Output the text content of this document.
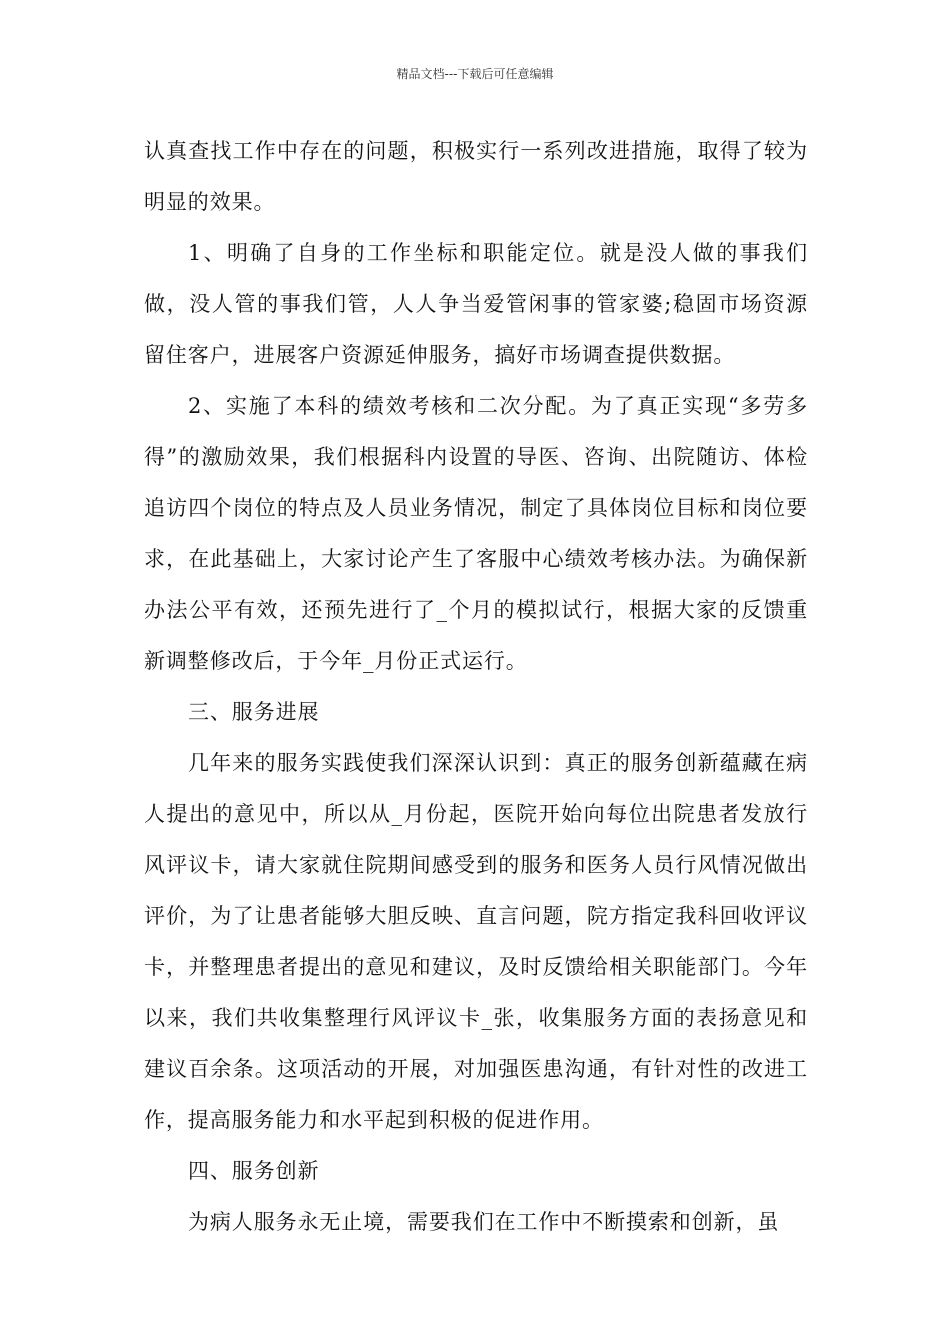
精品文档---下载后可任意编辑

认真查找工作中存在的问题，积极实行一系列改进措施，取得了较为明显的效果。

1、明确了自身的工作坐标和职能定位。就是没人做的事我们做，没人管的事我们管，人人争当爱管闲事的管家婆;稳固市场资源留住客户，进展客户资源延伸服务，搞好市场调查提供数据。

2、实施了本科的绩效考核和二次分配。为了真正实现“多劳多得”的激励效果，我们根据科内设置的导医、咨询、出院随访、体检追访四个岗位的特点及人员业务情况，制定了具体岗位目标和岗位要求，在此基础上，大家讨论产生了客服中心绩效考核办法。为确保新办法公平有效，还预先进行了_个月的模拟试行，根据大家的反馈重新调整修改后，于今年_月份正式运行。

三、服务进展

几年来的服务实践使我们深深认识到：真正的服务创新蕴藏在病人提出的意见中，所以从_月份起，医院开始向每位出院患者发放行风评议卡，请大家就住院期间感受到的服务和医务人员行风情况做出评价，为了让患者能够大胆反映、直言问题，院方指定我科回收评议卡，并整理患者提出的意见和建议，及时反馈给相关职能部门。今年以来，我们共收集整理行风评议卡_张，收集服务方面的表扬意见和建议百余条。这项活动的开展，对加强医患沟通，有针对性的改进工作，提高服务能力和水平起到积极的促进作用。

四、服务创新

为病人服务永无止境，需要我们在工作中不断摸索和创新，虽
